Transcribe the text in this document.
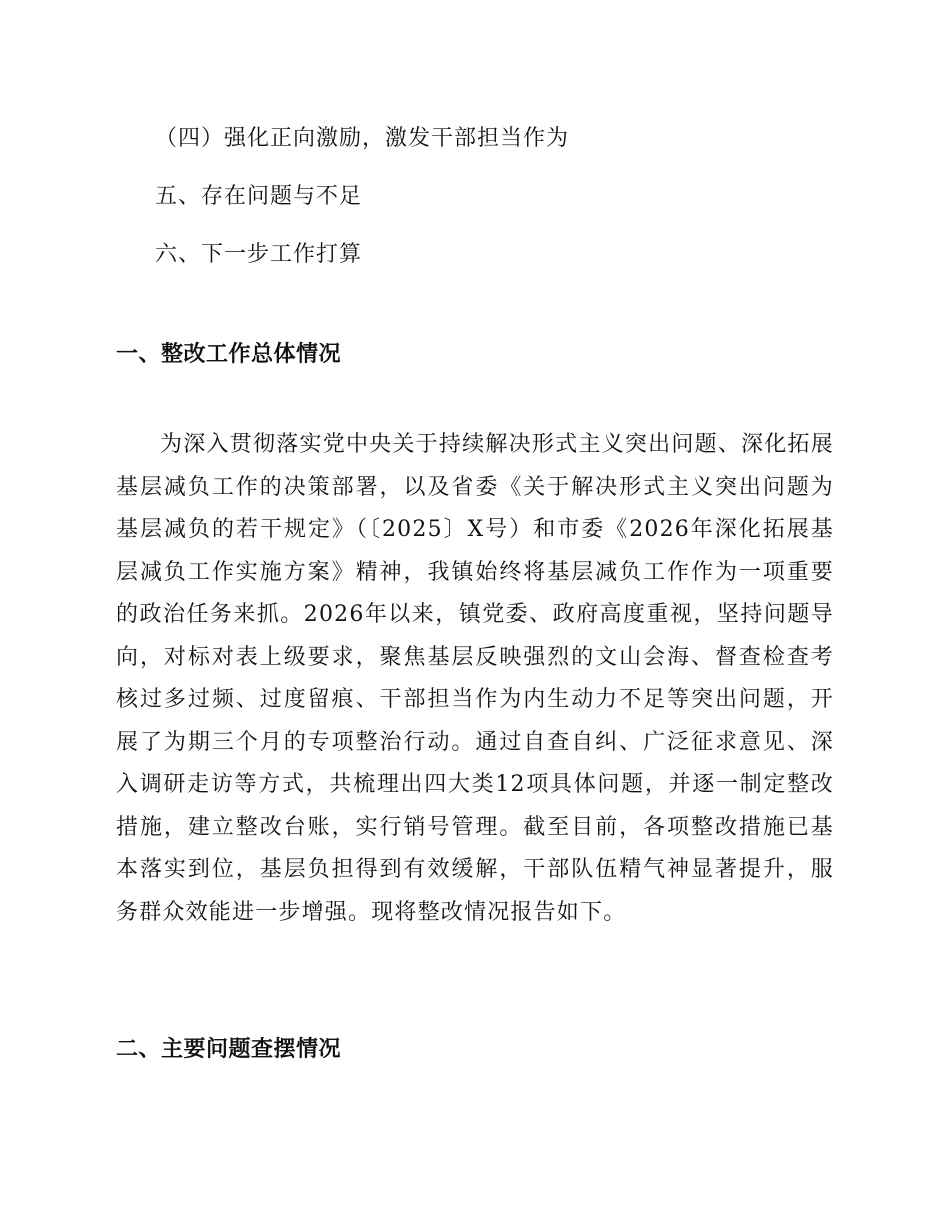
（四）强化正向激励，激发干部担当作为
五、存在问题与不足
六、下一步工作打算
一、整改工作总体情况

为深入贯彻落实党中央关于持续解决形式主义突出问题、深化拓展基层减负工作的决策部署，以及省委《关于解决形式主义突出问题为基层减负的若干规定》（〔2025〕X号）和市委《2026年深化拓展基层减负工作实施方案》精神，我镇始终将基层减负工作作为一项重要的政治任务来抓。2026年以来，镇党委、政府高度重视，坚持问题导向，对标对表上级要求，聚焦基层反映强烈的文山会海、督查检查考核过多过频、过度留痕、干部担当作为内生动力不足等突出问题，开展了为期三个月的专项整治行动。通过自查自纠、广泛征求意见、深入调研走访等方式，共梳理出四大类12项具体问题，并逐一制定整改措施，建立整改台账，实行销号管理。截至目前，各项整改措施已基本落实到位，基层负担得到有效缓解，干部队伍精气神显著提升，服务群众效能进一步增强。现将整改情况报告如下。

二、主要问题查摆情况
